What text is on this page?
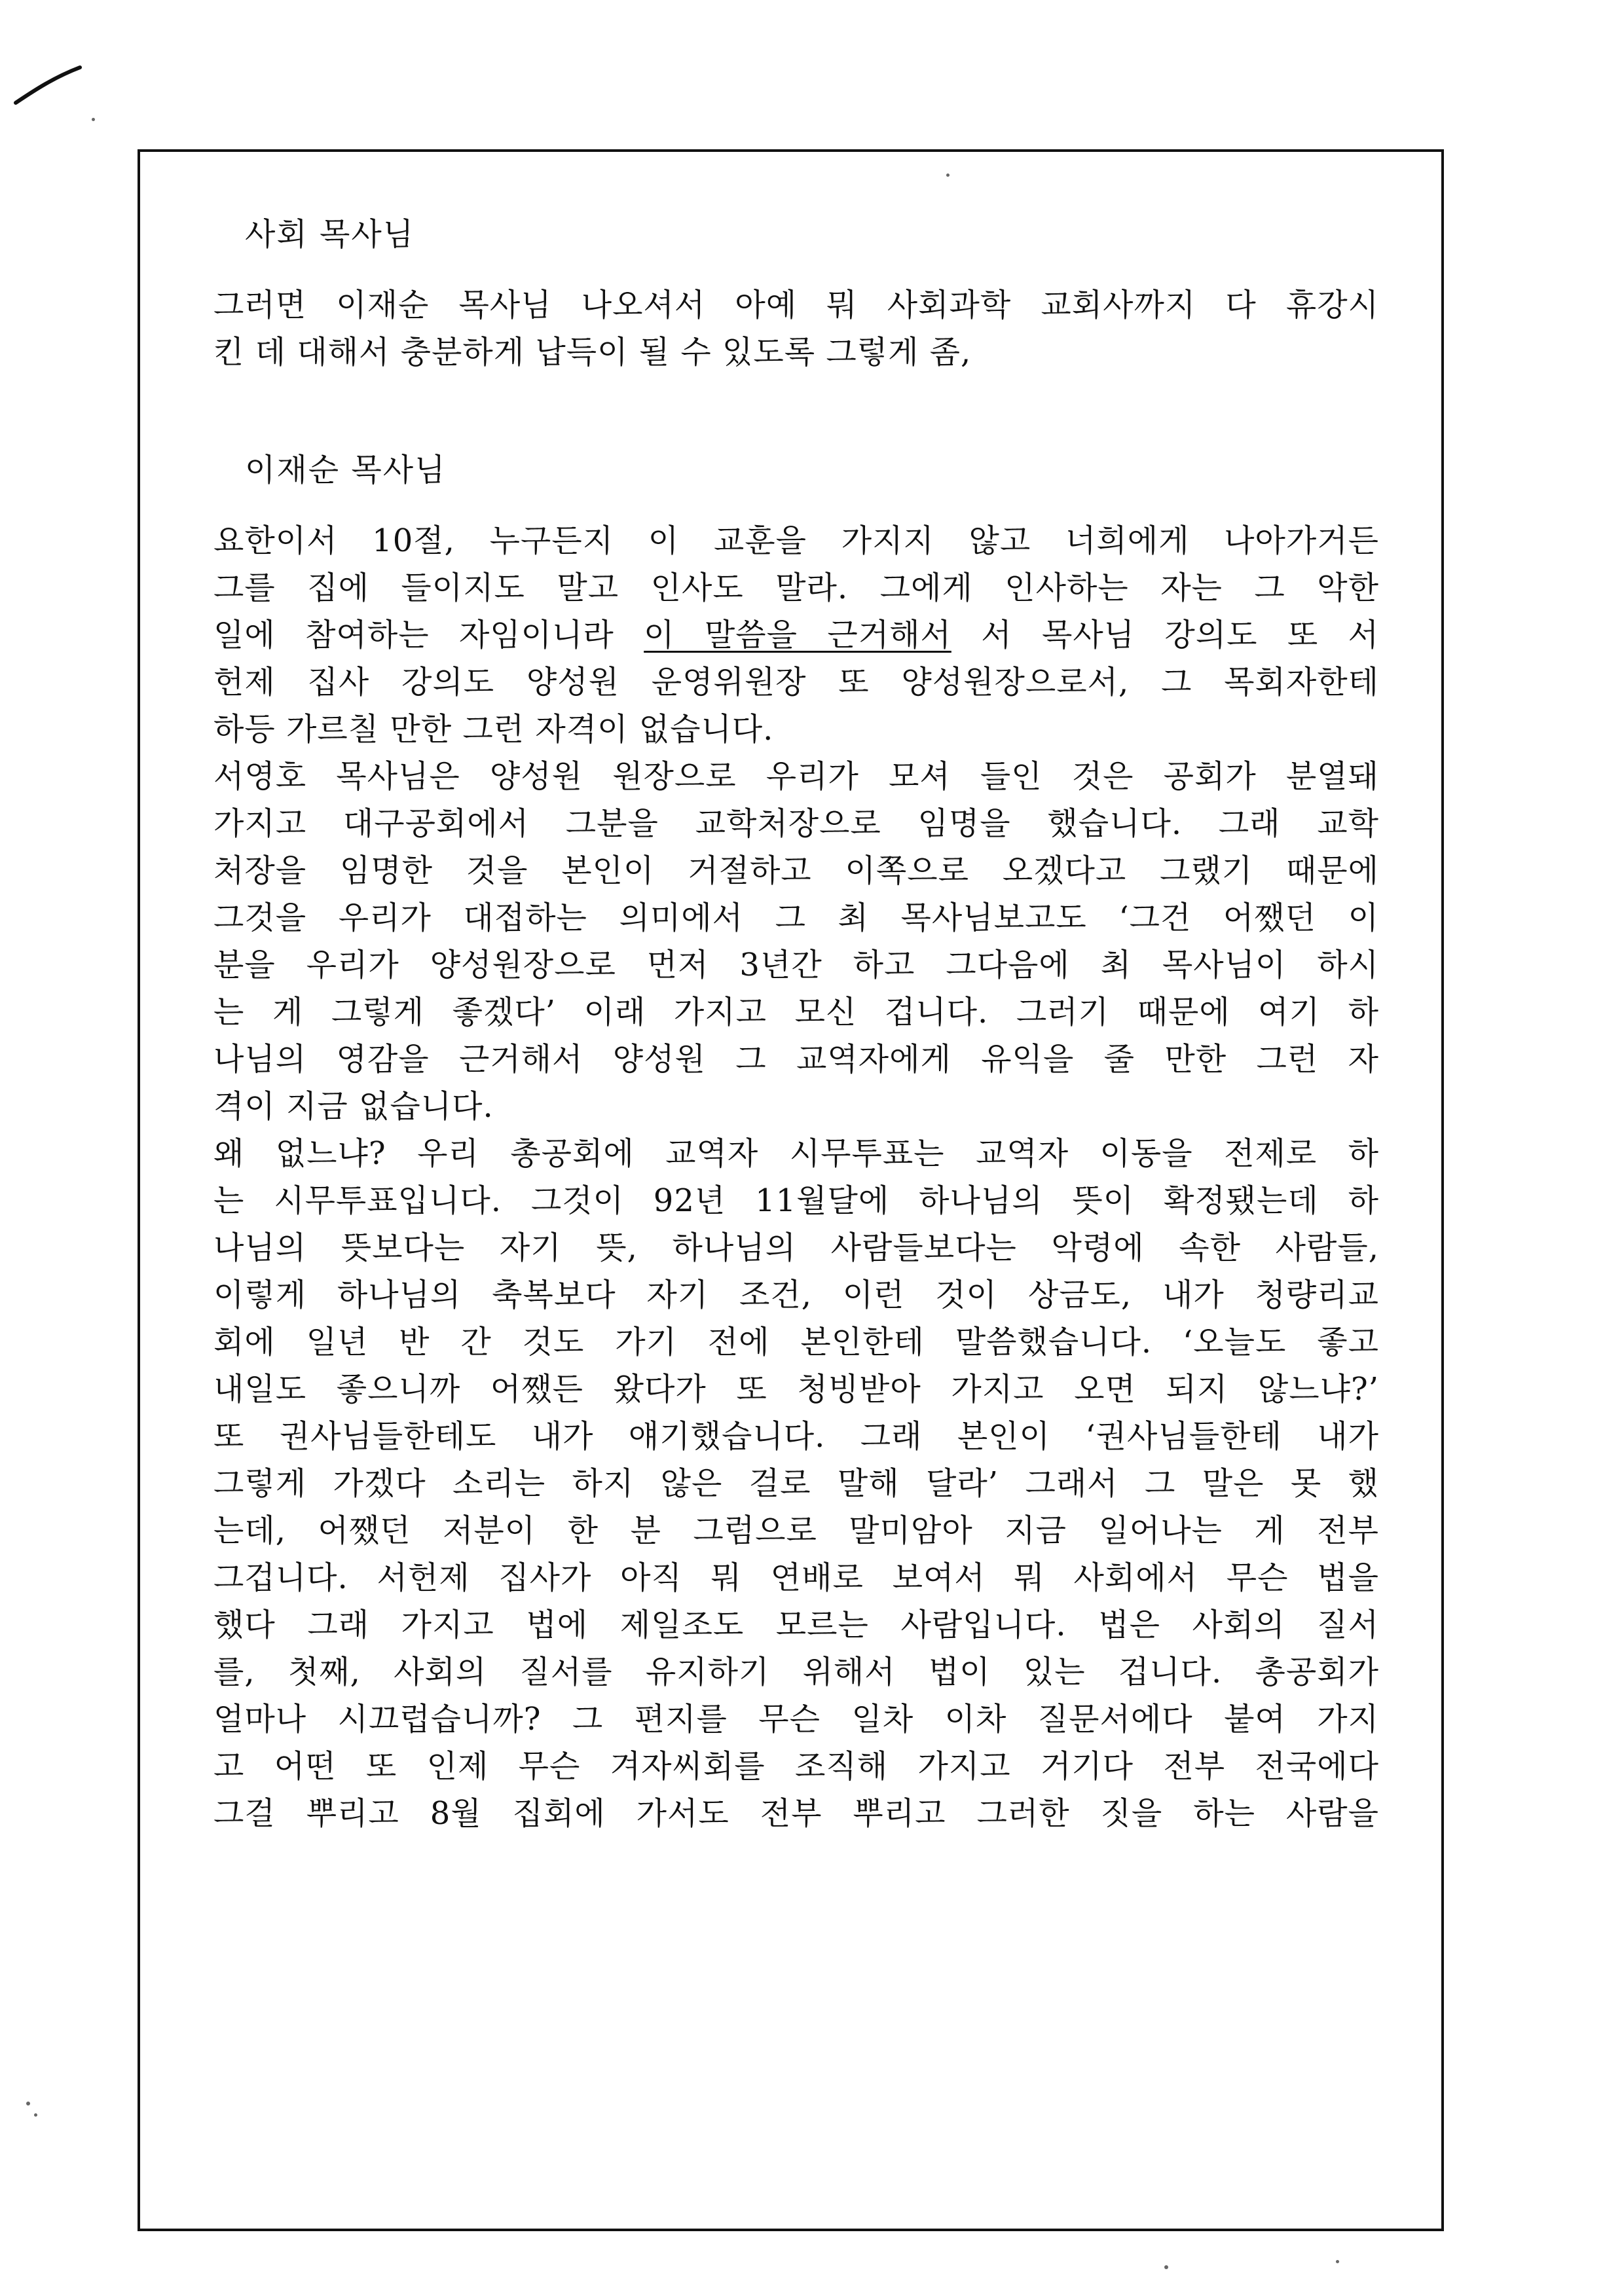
사회 목사님
그러면 이재순 목사님 나오셔서 아예 뭐 사회과학 교회사까지 다 휴강시
킨 데 대해서 충분하게 납득이 될 수 있도록 그렇게 좀,
이재순 목사님
요한이서 10절, 누구든지 이 교훈을 가지지 않고 너희에게 나아가거든
그를 집에 들이지도 말고 인사도 말라. 그에게 인사하는 자는 그 악한
일에 참여하는 자임이니라 이 말씀을 근거해서 서 목사님 강의도 또 서
헌제 집사 강의도 양성원 운영위원장 또 양성원장으로서, 그 목회자한테
하등 가르칠 만한 그런 자격이 없습니다.
서영호 목사님은 양성원 원장으로 우리가 모셔 들인 것은 공회가 분열돼
가지고 대구공회에서 그분을 교학처장으로 임명을 했습니다. 그래 교학
처장을 임명한 것을 본인이 거절하고 이쪽으로 오겠다고 그랬기 때문에
그것을 우리가 대접하는 의미에서 그 최 목사님보고도 ‘그건 어쨌던 이
분을 우리가 양성원장으로 먼저 3년간 하고 그다음에 최 목사님이 하시
는 게 그렇게 좋겠다’ 이래 가지고 모신 겁니다. 그러기 때문에 여기 하
나님의 영감을 근거해서 양성원 그 교역자에게 유익을 줄 만한 그런 자
격이 지금 없습니다.
왜 없느냐? 우리 총공회에 교역자 시무투표는 교역자 이동을 전제로 하
는 시무투표입니다. 그것이 92년 11월달에 하나님의 뜻이 확정됐는데 하
나님의 뜻보다는 자기 뜻, 하나님의 사람들보다는 악령에 속한 사람들,
이렇게 하나님의 축복보다 자기 조건, 이런 것이 상금도, 내가 청량리교
회에 일년 반 간 것도 가기 전에 본인한테 말씀했습니다. ‘오늘도 좋고
내일도 좋으니까 어쨌든 왔다가 또 청빙받아 가지고 오면 되지 않느냐?’
또 권사님들한테도 내가 얘기했습니다. 그래 본인이 ‘권사님들한테 내가
그렇게 가겠다 소리는 하지 않은 걸로 말해 달라’ 그래서 그 말은 못 했
는데, 어쨌던 저분이 한 분 그럼으로 말미암아 지금 일어나는 게 전부
그겁니다. 서헌제 집사가 아직 뭐 연배로 보여서 뭐 사회에서 무슨 법을
했다 그래 가지고 법에 제일조도 모르는 사람입니다. 법은 사회의 질서
를, 첫째, 사회의 질서를 유지하기 위해서 법이 있는 겁니다. 총공회가
얼마나 시끄럽습니까? 그 편지를 무슨 일차 이차 질문서에다 붙여 가지
고 어떤 또 인제 무슨 겨자씨회를 조직해 가지고 거기다 전부 전국에다
그걸 뿌리고 8월 집회에 가서도 전부 뿌리고 그러한 짓을 하는 사람을
